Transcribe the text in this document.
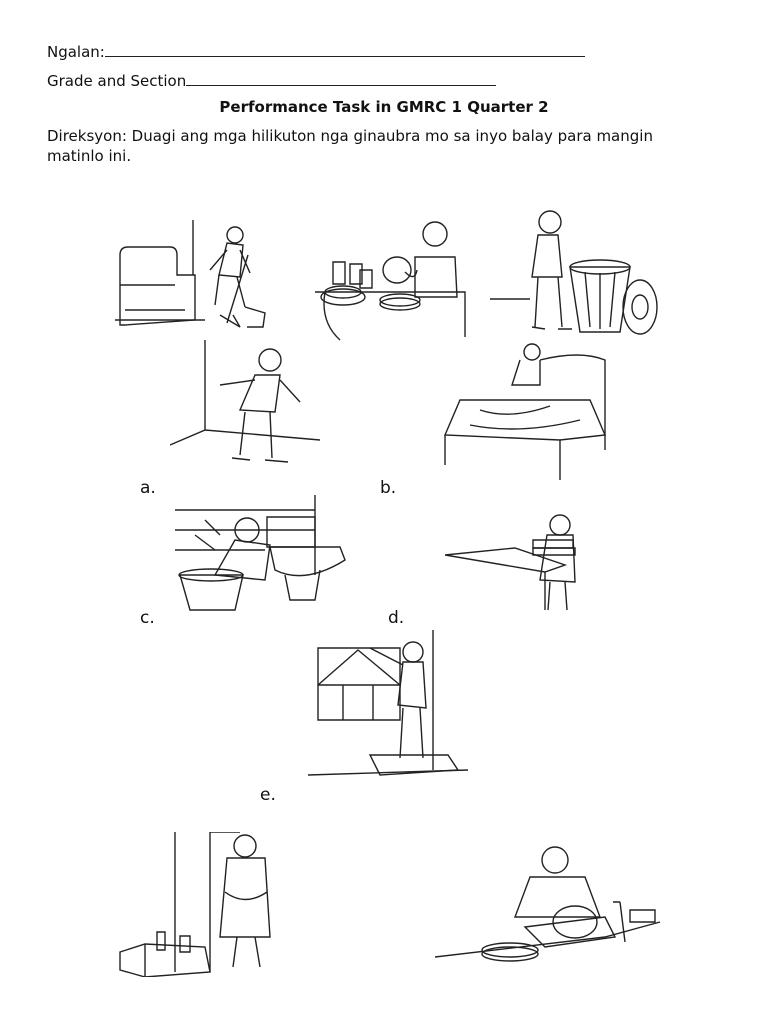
Ngalan:
Grade and Section
Performance Task in GMRC 1 Quarter 2
Direksyon: Duagi ang mga hilikuton nga ginaubra mo sa inyo balay para mangin matinlo ini.
a.	b.
c.	d.
e.
